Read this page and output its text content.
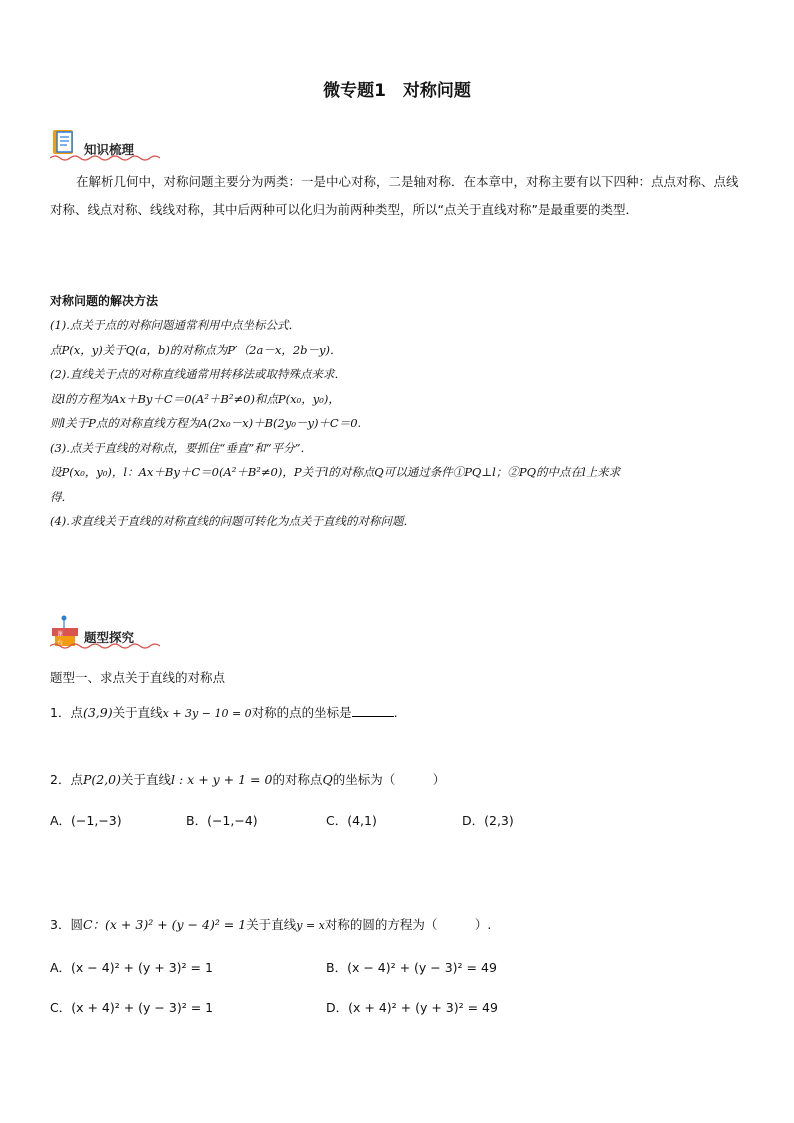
微专题1　对称问题
知识梳理
在解析几何中，对称问题主要分为两类：一是中心对称，二是轴对称．在本章中，对称主要有以下四种：点点对称、点线对称、线点对称、线线对称，其中后两种可以化归为前两种类型，所以“点关于直线对称”是最重要的类型．
对称问题的解决方法
(1).点关于点的对称问题通常利用中点坐标公式．
点P(x，y)关于Q(a，b)的对称点为P′（2a－x，2b－y)．
(2).直线关于点的对称直线通常用转移法或取特殊点来求．
设l的方程为Ax＋By＋C＝0(A²＋B²≠0)和点P(x₀，y₀)，
则l关于P点的对称直线方程为A(2x₀－x)＋B(2y₀－y)＋C＝0.
(3).点关于直线的对称点，要抓住“垂直”和“平分”．
设P(x₀，y₀)，l：Ax＋By＋C＝0(A²＋B²≠0)，P关于l的对称点Q可以通过条件①PQ⊥l；②PQ的中点在l上来求
得．
(4).求直线关于直线的对称直线的问题可转化为点关于直线的对称问题．
课台 题型探究
题型一、求点关于直线的对称点
1．点(3,9)关于直线x + 3y − 10 = 0对称的点的坐标是	.
2．点P(2,0)关于直线l : x + y + 1 = 0的对称点Q的坐标为（　　　）
A．(−1,−3)	B．(−1,−4)	C．(4,1)	D．(2,3)
3．圆C：(x + 3)² + (y − 4)² = 1关于直线y = x对称的圆的方程为（　　　）.
A．(x − 4)² + (y + 3)² = 1	B．(x − 4)² + (y − 3)² = 49
C．(x + 4)² + (y − 3)² = 1	D．(x + 4)² + (y + 3)² = 49
